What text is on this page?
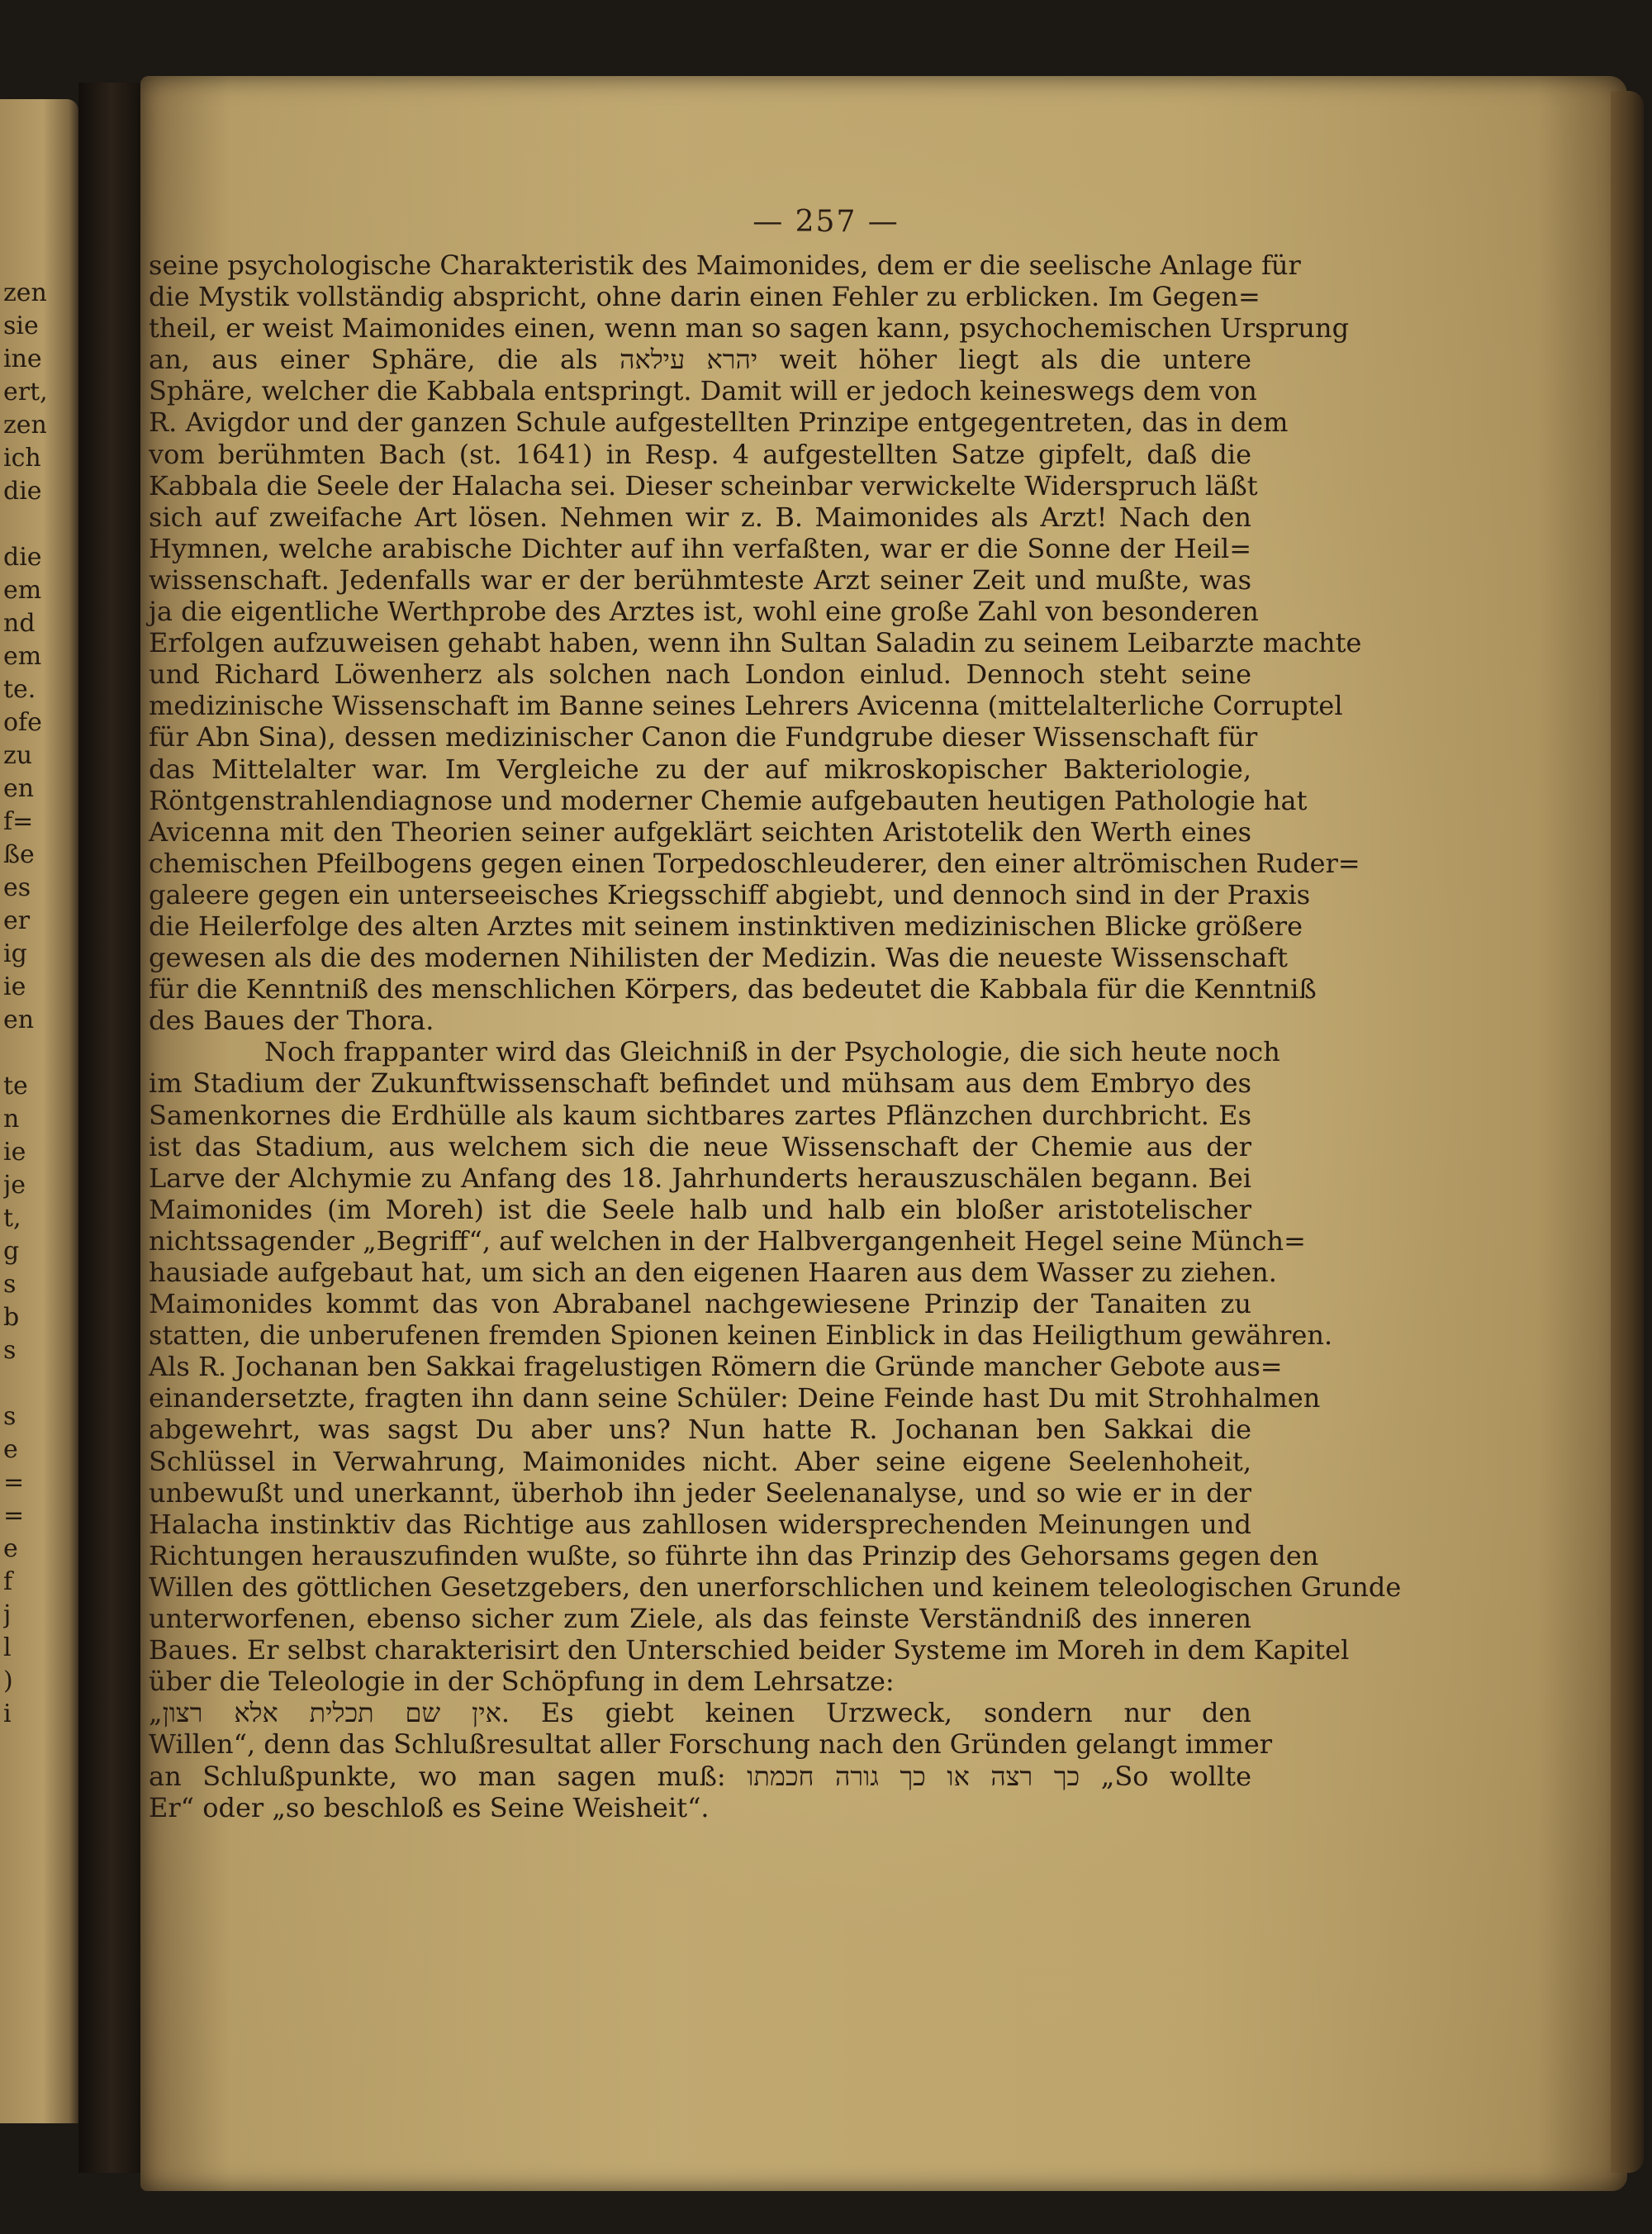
zen
sie
ine
ert,
zen
ich
die
die
em
nd
em
te.
ofe
zu
en
f=
ße
es
er
ig
ie
en
te
n
ie
je
t,
g
s
b
s
s
e
=
=
e
f
j
l
)
i
— 257 —
seine psychologische Charakteristik des Maimonides, dem er die seelische Anlage für
die Mystik vollständig abspricht, ohne darin einen Fehler zu erblicken. Im Gegen=
theil, er weist Maimonides einen, wenn man so sagen kann, psychochemischen Ursprung
an, aus einer Sphäre, die als יהרא עילאה weit höher liegt als die untere
Sphäre, welcher die Kabbala entspringt. Damit will er jedoch keineswegs dem von
R. Avigdor und der ganzen Schule aufgestellten Prinzipe entgegentreten, das in dem
vom berühmten Bach (st. 1641) in Resp. 4 aufgestellten Satze gipfelt, daß die
Kabbala die Seele der Halacha sei. Dieser scheinbar verwickelte Widerspruch läßt
sich auf zweifache Art lösen. Nehmen wir z. B. Maimonides als Arzt! Nach den
Hymnen, welche arabische Dichter auf ihn verfaßten, war er die Sonne der Heil=
wissenschaft. Jedenfalls war er der berühmteste Arzt seiner Zeit und mußte, was
ja die eigentliche Werthprobe des Arztes ist, wohl eine große Zahl von besonderen
Erfolgen aufzuweisen gehabt haben, wenn ihn Sultan Saladin zu seinem Leibarzte machte
und Richard Löwenherz als solchen nach London einlud. Dennoch steht seine
medizinische Wissenschaft im Banne seines Lehrers Avicenna (mittelalterliche Corruptel
für Abn Sina), dessen medizinischer Canon die Fundgrube dieser Wissenschaft für
das Mittelalter war. Im Vergleiche zu der auf mikroskopischer Bakteriologie,
Röntgenstrahlendiagnose und moderner Chemie aufgebauten heutigen Pathologie hat
Avicenna mit den Theorien seiner aufgeklärt seichten Aristotelik den Werth eines
chemischen Pfeilbogens gegen einen Torpedoschleuderer, den einer altrömischen Ruder=
galeere gegen ein unterseeisches Kriegsschiff abgiebt, und dennoch sind in der Praxis
die Heilerfolge des alten Arztes mit seinem instinktiven medizinischen Blicke größere
gewesen als die des modernen Nihilisten der Medizin. Was die neueste Wissenschaft
für die Kenntniß des menschlichen Körpers, das bedeutet die Kabbala für die Kenntniß
des Baues der Thora.
Noch frappanter wird das Gleichniß in der Psychologie, die sich heute noch
im Stadium der Zukunftwissenschaft befindet und mühsam aus dem Embryo des
Samenkornes die Erdhülle als kaum sichtbares zartes Pflänzchen durchbricht. Es
ist das Stadium, aus welchem sich die neue Wissenschaft der Chemie aus der
Larve der Alchymie zu Anfang des 18. Jahrhunderts herauszuschälen begann. Bei
Maimonides (im Moreh) ist die Seele halb und halb ein bloßer aristotelischer
nichtssagender „Begriff“, auf welchen in der Halbvergangenheit Hegel seine Münch=
hausiade aufgebaut hat, um sich an den eigenen Haaren aus dem Wasser zu ziehen.
Maimonides kommt das von Abrabanel nachgewiesene Prinzip der Tanaiten zu
statten, die unberufenen fremden Spionen keinen Einblick in das Heiligthum gewähren.
Als R. Jochanan ben Sakkai fragelustigen Römern die Gründe mancher Gebote aus=
einandersetzte, fragten ihn dann seine Schüler: Deine Feinde hast Du mit Strohhalmen
abgewehrt, was sagst Du aber uns? Nun hatte R. Jochanan ben Sakkai die
Schlüssel in Verwahrung, Maimonides nicht. Aber seine eigene Seelenhoheit,
unbewußt und unerkannt, überhob ihn jeder Seelenanalyse, und so wie er in der
Halacha instinktiv das Richtige aus zahllosen widersprechenden Meinungen und
Richtungen herauszufinden wußte, so führte ihn das Prinzip des Gehorsams gegen den
Willen des göttlichen Gesetzgebers, den unerforschlichen und keinem teleologischen Grunde
unterworfenen, ebenso sicher zum Ziele, als das feinste Verständniß des inneren
Baues. Er selbst charakterisirt den Unterschied beider Systeme im Moreh in dem Kapitel
über die Teleologie in der Schöpfung in dem Lehrsatze:
„אין שם תכלית אלא רצון. Es giebt keinen Urzweck, sondern nur den
Willen“, denn das Schlußresultat aller Forschung nach den Gründen gelangt immer
an Schlußpunkte, wo man sagen muß: כך רצה או כך גורה חכמתו „So wollte
Er“ oder „so beschloß es Seine Weisheit“.
